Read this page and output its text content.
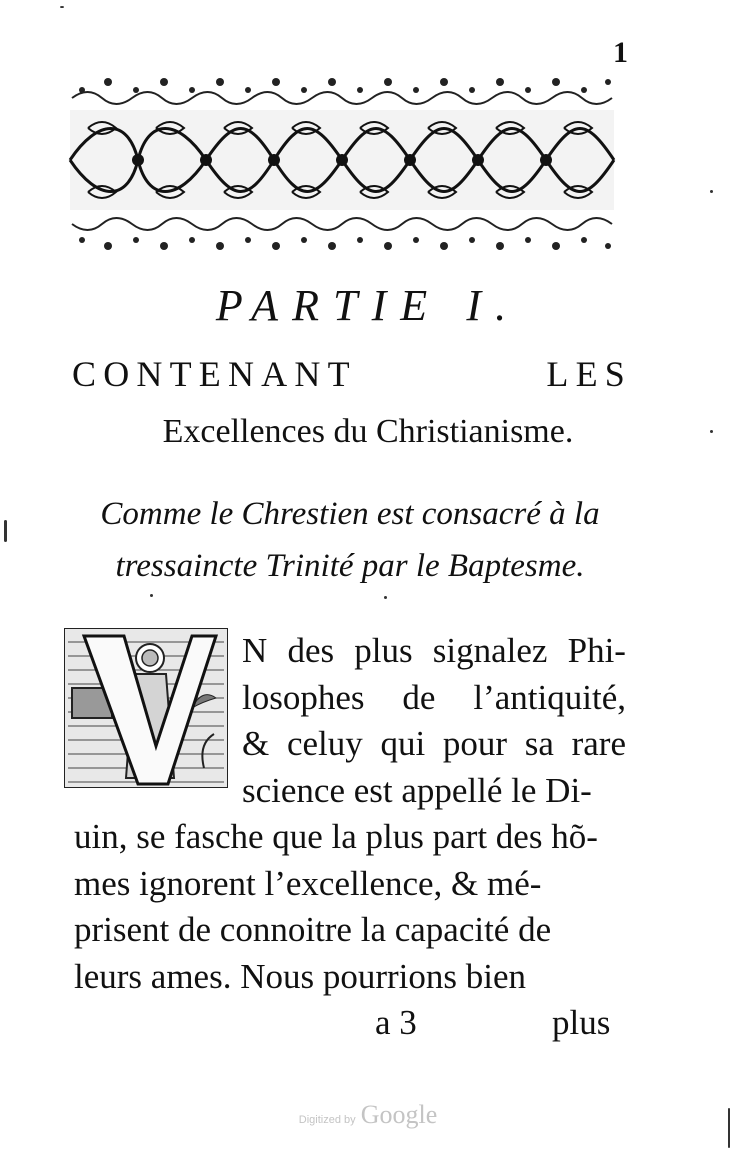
1
PARTIE I.
CONTENANT	LES
Excellences du Christianisme.
Comme le Chrestien est consacré à la
tressaincte Trinité par le Baptesme.
N des plus signalez Phi-
losophes de l’antiquité,
& celuy qui pour sa rare
science est appellé le Di-
uin, se fasche que la plus part des hõ-
mes ignorent l’excellence, & mé-
prisent de connoitre la capacité de
leurs ames. Nous pourrions bien
a 3	plus
Digitized by Google
